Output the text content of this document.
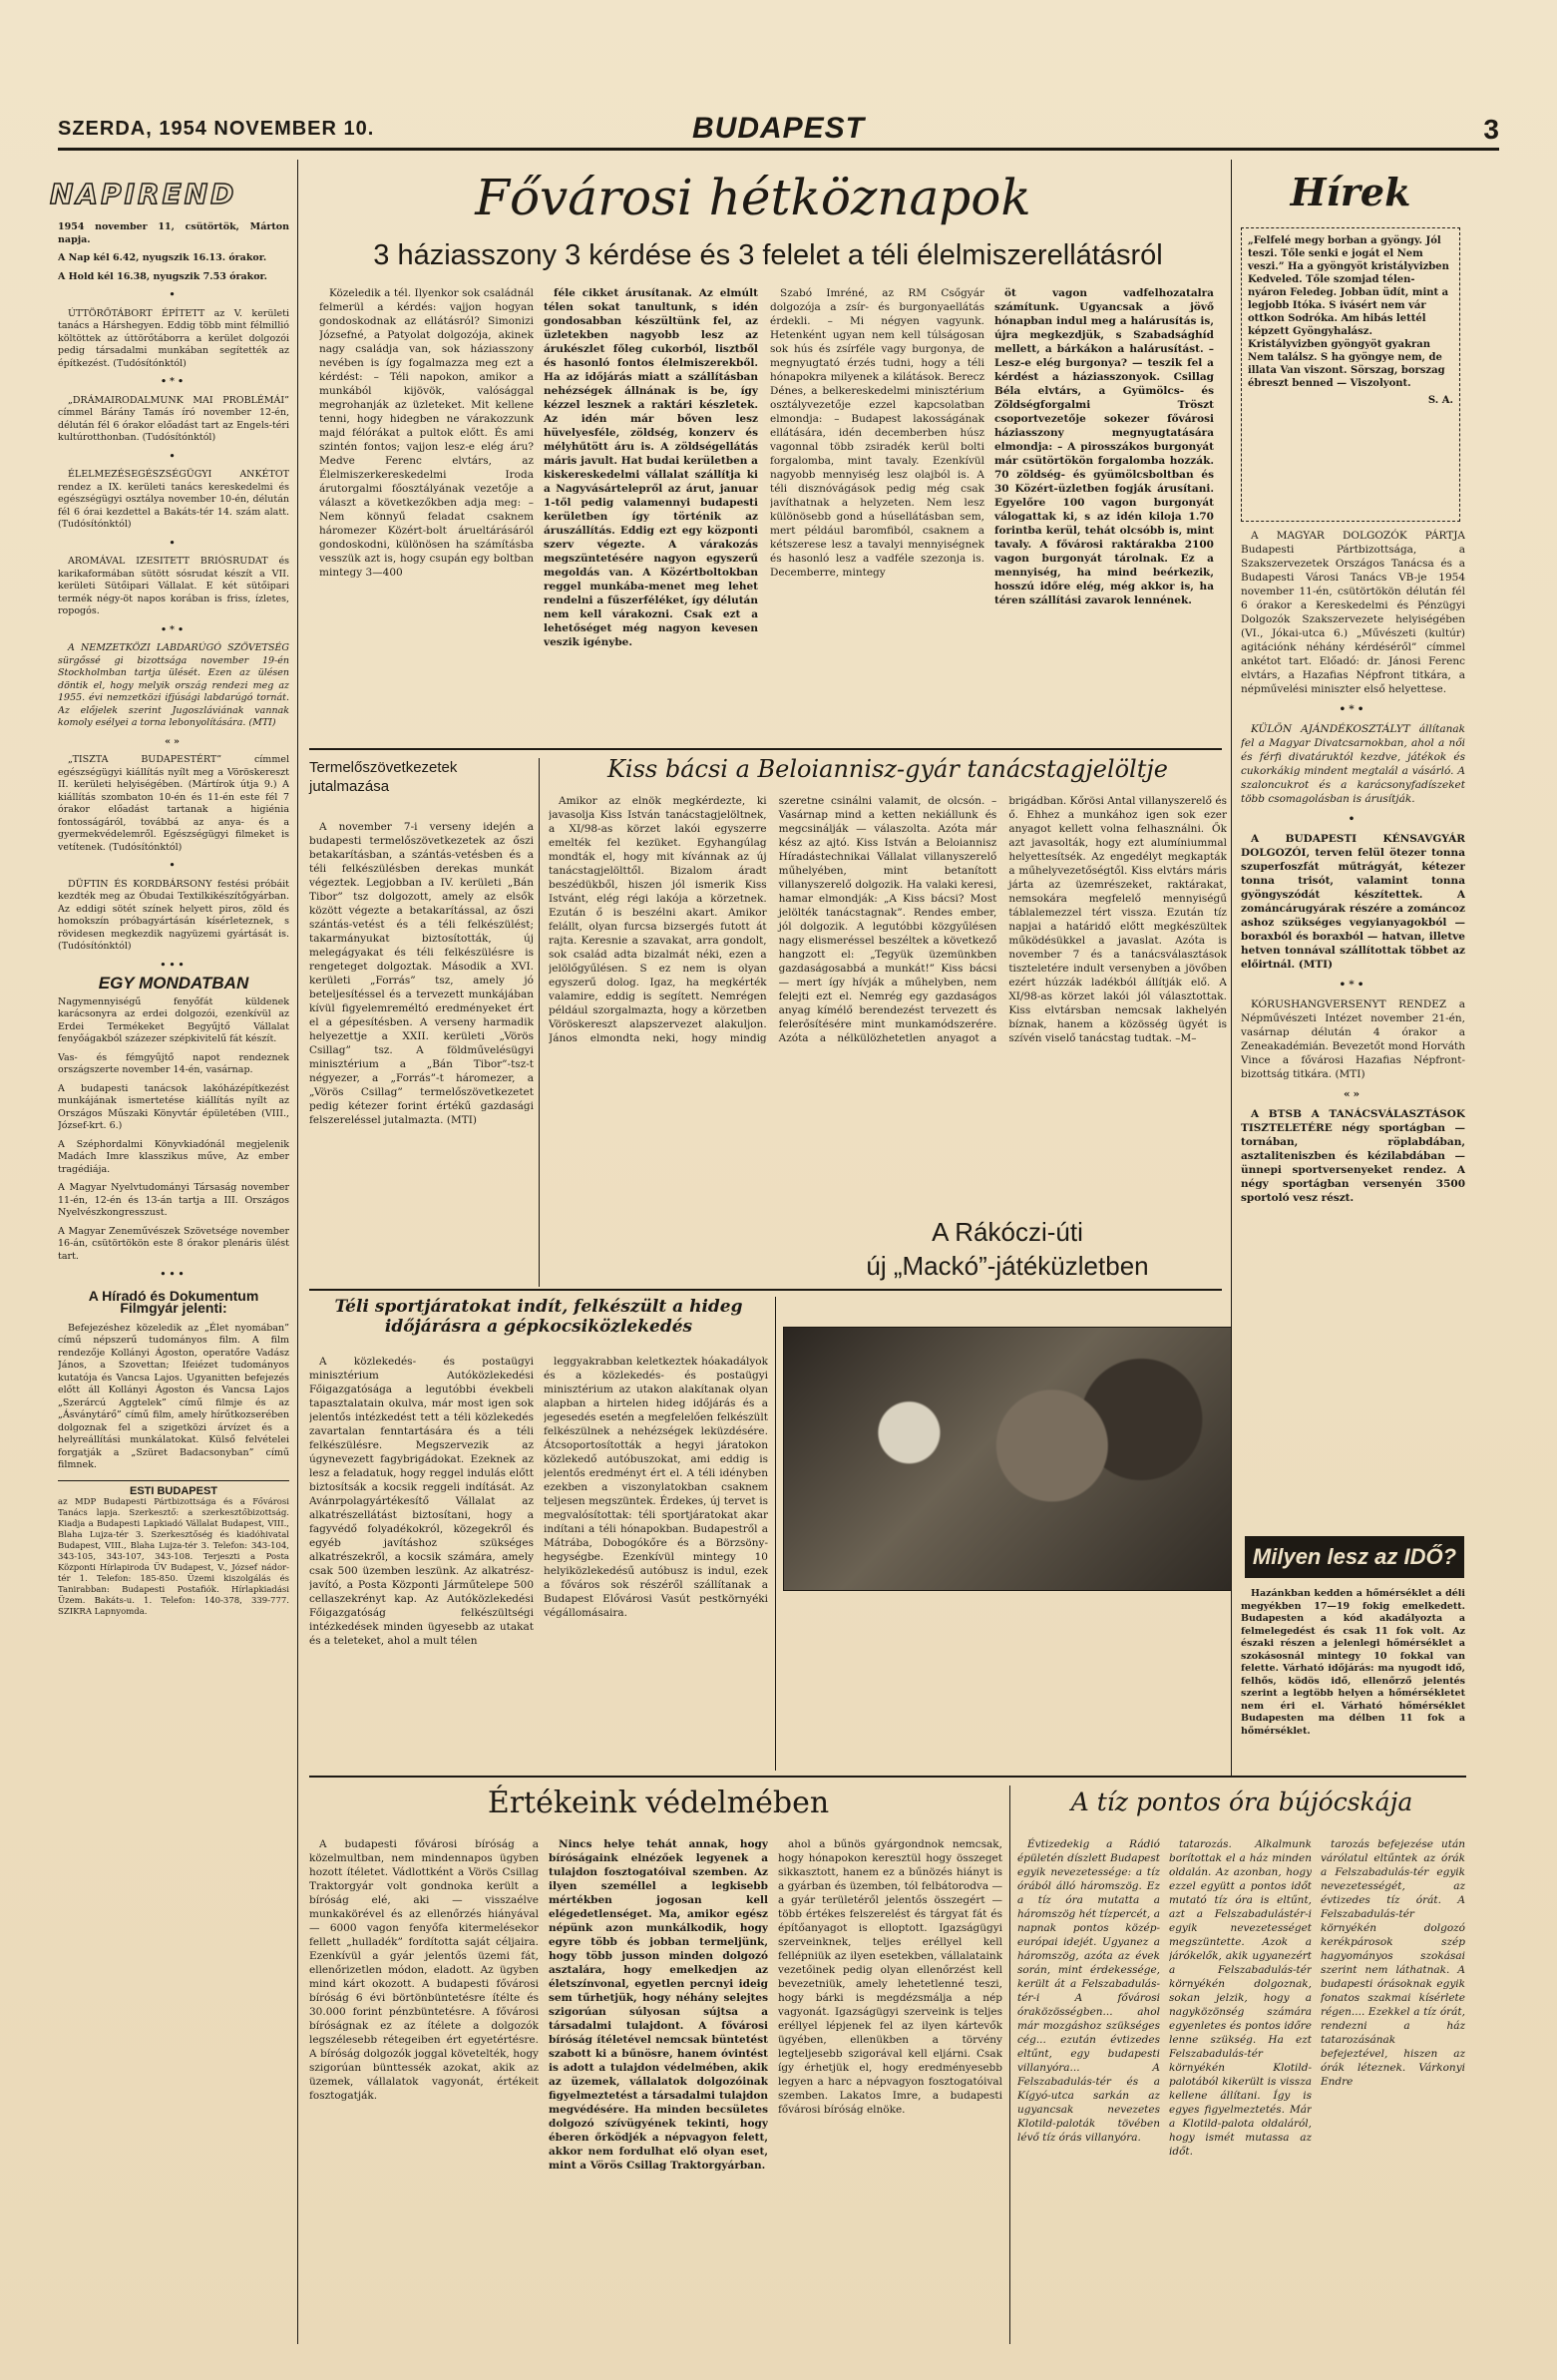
SZERDA, 1954 NOVEMBER 10.	BUDAPEST	3
NAPIREND

1954 november 11, csütörtök, Márton napja.

A Nap kél 6.42, nyugszik 16.13. órakor.

A Hold kél 16.38, nyugszik 7.53 órakor.

•

ÚTTÖRŐTÁBORT ÉPÍTETT az V. kerületi tanács a Hárshegyen. Eddig több mint félmillió költöttek az úttörőtáborra a kerület dolgozói pedig társadalmi munkában segítették az építkezést. (Tudósítónktól)

•*•

„DRÁMAIRODALMUNK MAI PROBLÉMÁI” címmel Bárány Tamás író november 12-én, délután fél 6 órakor előadást tart az Engels-téri kultúrotthonban. (Tudósítónktól)

•

ÉLELMEZÉSEGÉSZSÉGÜGYI ANKÉTOT rendez a IX. kerületi tanács kereskedelmi és egészségügyi osztálya november 10-én, délután fél 6 órai kezdettel a Bakáts-tér 14. szám alatt. (Tudósítónktól)

•

AROMÁVAL IZESITETT BRIÓSRUDAT és karikaformában sütött sósrudat készít a VII. kerületi Sütőipari Vállalat. E két sütőipari termék négy-öt napos korában is friss, ízletes, ropogós.

•*•

A NEMZETKÖZI LABDARÚGÓ SZÖVETSÉG sürgőssé gi bizottsága november 19-én Stockholmban tartja ülését. Ezen az ülésen döntik el, hogy melyik ország rendezi meg az 1955. évi nemzetközi ifjúsági labdarúgó tornát. Az előjelek szerint Jugoszláviának vannak komoly esélyei a torna lebonyolítására. (MTI)

«»

„TISZTA BUDAPESTÉRT” címmel egészségügyi kiállítás nyílt meg a Vöröskereszt II. kerületi helyiségében. (Mártírok útja 9.) A kiállítás szombaton 10-én és 11-én este fél 7 órakor előadást tartanak a higiénia fontosságáról, továbbá az anya- és a gyermekvédelemről. Egészségügyi filmeket is vetítenek. (Tudósítónktól)

•

DÜFTIN ÉS KORDBÁRSONY festési próbáit kezdték meg az Óbudai Textilkikészítőgyárban. Az eddigi sötét színek helyett piros, zöld és homokszín próbagyártásán kísérleteznek, s rövidesen megkezdik nagyüzemi gyártását is. (Tudósítónktól)

•••
EGY MONDATBAN

Nagymennyiségű fenyőfát küldenek karácsonyra az erdei dolgozói, ezenkívül az Erdei Termékeket Begyűjtő Vállalat fenyőágakból százezer szépkivitelű fát készít.

Vas- és fémgyűjtő napot rendeznek országszerte november 14-én, vasárnap.

A budapesti tanácsok lakóházépítkezést munkájának ismertetése kiállítás nyílt az Országos Műszaki Könyvtár épületében (VIII., József-krt. 6.)

A Széphordalmi Könyvkiadónál megjelenik Madách Imre klasszikus műve, Az ember tragédiája.

A Magyar Nyelvtudományi Társaság november 11-én, 12-én és 13-án tartja a III. Országos Nyelvészkongresszust.

A Magyar Zeneművészek Szövetsége november 16-án, csütörtökön este 8 órakor plenáris ülést tart.

•••
A Híradó és Dokumentum Filmgyár jelenti:

Befejezéshez közeledik az „Élet nyomában” című népszerű tudományos film. A film rendezője Kollányi Ágoston, operatőre Vadász János, a Szovettan; Ifeiézet tudományos kutatója és Vancsa Lajos. Ugyanitten befejezés előtt áll Kollányi Ágoston és Vancsa Lajos „Szerárcú Aggtelek” című filmje és az „Ásványtárő” című film, amely hírűtkozserében dolgoznak fel a szigetközi árvízet és a helyreállítási munkálatokat. Külső felvételei forgatják a „Szüret Badacsonyban” című filmnek.

ESTI BUDAPEST

az MDP Budapesti Pártbizottsága és a Fővárosi Tanács lapja. Szerkesztő: a szerkesztőbizottság. Kiadja a Budapesti Lapkiadó Vállalat Budapest, VIII., Blaha Lujza-tér 3. Szerkesztőség és kiadóhivatal Budapest, VIII., Blaha Lujza-tér 3. Telefon: 343-104, 343-105, 343-107, 343-108. Terjeszti a Posta Központi Hírlapiroda ÜV Budapest, V., József nádor-tér 1. Telefon: 185-850. Üzemi kiszolgálás és Tanirabban: Budapesti Postafiók. Hírlapkiadási Üzem. Bakáts-u. 1. Telefon: 140-378, 339-777. SZIKRA Lapnyomda.

Fővárosi hétköznapok
3 háziasszony 3 kérdése és 3 felelet a téli élelmiszerellátásról

Közeledik a tél. Ilyenkor sok családnál felmerül a kérdés: vajjon hogyan gondoskodnak az ellátásról? Simonizi Józsefné, a Patyolat dolgozója, akinek nagy családja van, sok háziasszony nevében is így fogalmazza meg ezt a kérdést: – Téli napokon, amikor a munkából kijövök, valósággal megrohanják az üzleteket. Mit kellene tenni, hogy hidegben ne várakozzunk majd félórákat a pultok előtt. És ami szintén fontos; vajjon lesz-e elég áru? Medve Ferenc elvtárs, az Élelmiszerkereskedelmi Iroda árutorgalmi főosztályának vezetője a választ a következőkben adja meg: – Nem könnyű feladat csaknem háromezer Közért-bolt árueltárásáról gondoskodni, különösen ha számításba vesszük azt is, hogy csupán egy boltban mintegy 3—400

féle cikket árusítanak. Az elmúlt télen sokat tanultunk, s idén gondosabban készültünk fel, az üzletekben nagyobb lesz az árukészlet főleg cukorból, lisztből és hasonló fontos élelmiszerekből. Ha az időjárás miatt a szállításban nehézségek állnának is be, így kézzel lesznek a raktári készletek. Az idén már bőven lesz hüvelyesféle, zöldség, konzerv és mélyhűtött áru is. A zöldségellátás máris javult. Hat budai kerületben a kiskereskedelmi vállalat szállítja ki a Nagyvásártelepről az árut, januar 1-től pedig valamennyi budapesti kerületben így történik az áruszállítás. Eddig ezt egy központi szerv végezte. A várakozás megszüntetésére nagyon egyszerű megoldás van. A Közértboltokban reggel munkába-menet meg lehet rendelni a fűszerféléket, így délután nem kell várakozni. Csak ezt a lehetőséget még nagyon kevesen veszik igénybe.

Szabó Imréné, az RM Csőgyár dolgozója a zsír- és burgonyaellátás érdekli. – Mi négyen vagyunk. Hetenként ugyan nem kell túlságosan sok hús és zsírféle vagy burgonya, de megnyugtató érzés tudni, hogy a téli hónapokra milyenek a kilátások. Berecz Dénes, a belkereskedelmi minisztérium osztályvezetője ezzel kapcsolatban elmondja: – Budapest lakosságának ellátására, idén decemberben húsz vagonnal több zsiradék kerül bolti forgalomba, mint tavaly. Ezenkívül nagyobb mennyiség lesz olajból is. A téli disznóvágások pedig még csak javíthatnak a helyzeten. Nem lesz különösebb gond a húsellátásban sem, mert például baromfiból, csaknem a kétszerese lesz a tavalyi mennyiségnek és hasonló lesz a vadféle szezonja is. Decemberre, mintegy

öt vagon vadfelhozatalra számítunk. Ugyancsak a jövő hónapban indul meg a halárusítás is, újra megkezdjük, s Szabadsághíd mellett, a bárkákon a halárusítást. – Lesz-e elég burgonya? — teszik fel a kérdést a háziasszonyok. Csillag Béla elvtárs, a Gyümölcs- és Zöldségforgalmi Tröszt csoportvezetője sokezer fővárosi háziasszony megnyugtatására elmondja: – A pirosszákos burgonyát már csütörtökön forgalomba hozzák. 70 zöldség- és gyümölcsboltban és 30 Közért-üzletben fogják árusítani. Egyelőre 100 vagon burgonyát válogattak ki, s az idén kiloja 1.70 forintba kerül, tehát olcsóbb is, mint tavaly. A fővárosi raktárakba 2100 vagon burgonyát tárolnak. Ez a mennyiség, ha mind beérkezik, hosszú időre elég, még akkor is, ha téren szállítási zavarok lennének.

Hírek
„Felfelé megy borban a gyöngy. Jól teszi. Tőle senki e jogát el Nem veszi.” Ha a gyöngyöt kristályvizben Kedveled. Tőle szomjad télen-nyáron Feledeg. Jobban üdít, mint a legjobb Itóka. S ivásért nem vár ottkon Sodróka. Am hibás lettél képzett Gyöngyhalász. Kristályvizben gyöngyöt gyakran Nem találsz. S ha gyöngye nem, de illata Van viszont. Sörszag, borszag ébreszt benned — Viszolyont.
S. A.

A MAGYAR DOLGOZÓK PÁRTJA Budapesti Pártbizottsága, a Szakszervezetek Országos Tanácsa és a Budapesti Városi Tanács VB-je 1954 november 11-én, csütörtökön délután fél 6 órakor a Kereskedelmi és Pénzügyi Dolgozók Szakszervezete helyiségében (VI., Jókai-utca 6.) „Művészeti (kultúr) agitációnk néhány kérdéséről” címmel ankétot tart. Előadó: dr. Jánosi Ferenc elvtárs, a Hazafias Népfront titkára, a népművelési miniszter első helyettese.

•*•

KÜLÖN AJÁNDÉKOSZTÁLYT állítanak fel a Magyar Divatcsarnokban, ahol a női és férfi divatáruktól kezdve, játékok és cukorkákig mindent megtalál a vásárló. A szaloncukrot és a karácsonyfadíszeket több csomagolásban is árusítják.

•

A BUDAPESTI KÉNSAVGYÁR DOLGOZÓI, terven felül ötezer tonna szuperfoszfát műtrágyát, kétezer tonna trisót, valamint tonna gyöngyszódát készítettek. A zománcárugyárak részére a zománcoz ashoz szükséges vegyianyagokból — boraxból és boraxból — hatvan, illetve hetven tonnával szállítottak többet az előirtnál. (MTI)

•*•

KÓRUSHANGVERSENYT RENDEZ a Népművészeti Intézet november 21-én, vasárnap délután 4 órakor a Zeneakadémián. Bevezetőt mond Horváth Vince a fővárosi Hazafias Népfront-bizottság titkára. (MTI)

«»

A BTSB A TANÁCSVÁLASZTÁSOK TISZTELETÉRE négy sportágban — tornában, röplabdában, asztaliteniszben és kézilabdában — ünnepi sportversenyeket rendez. A négy sportágban versenyén 3500 sportoló vesz részt.

Milyen lesz az IDŐ?

Hazánkban kedden a hőmérséklet a déli megyékben 17—19 fokig emelkedett. Budapesten a kód akadályozta a felmelegedést és csak 11 fok volt. Az északi részen a jelenlegi hőmérséklet a szokásosnál mintegy 10 fokkal van felette. Várható időjárás: ma nyugodt idő, felhős, ködös idő, ellenőrző jelentés szerint a legtöbb helyen a hőmérsékletet nem éri el. Várható hőmérséklet Budapesten ma délben 11 fok a hőmérséklet.

Termelőszövetkezetek jutalmazása

A november 7-i verseny idején a budapesti termelőszövetkezetek az őszi betakarításban, a szántás-vetésben és a téli felkészülésben derekas munkát végeztek. Legjobban a IV. kerületi „Bán Tibor” tsz dolgozott, amely az elsők között végezte a betakarítással, az őszi szántás-vetést és a téli felkészülést; takarmányukat biztosították, új melegágyakat és téli felkészülésre is rengeteget dolgoztak. Második a XVI. kerületi „Forrás” tsz, amely jó beteljesítéssel és a tervezett munkájában kívül figyelemreméltó eredményeket ért el a gépesítésben. A verseny harmadik helyezettje a XXII. kerületi „Vörös Csillag” tsz. A földművelésügyi minisztérium a „Bán Tibor”-tsz-t négyezer, a „Forrás”-t háromezer, a „Vörös Csillag” termelőszövetkezetet pedig kétezer forint értékű gazdasági felszereléssel jutalmazta. (MTI)

Kiss bácsi a Beloiannisz-gyár tanácstagjelöltje

Amikor az elnök megkérdezte, ki javasolja Kiss István tanácstagjelöltnek, a XI/98-as körzet lakói egyszerre emelték fel kezüket. Egyhangúlag mondták el, hogy mit kívánnak az új tanácstagjelölttől. Bizalom áradt beszédükből, hiszen jól ismerik Kiss Istvánt, elég régi lakója a körzetnek. Ezután ő is beszélni akart. Amikor felállt, olyan furcsa bizsergés futott át rajta. Keresnie a szavakat, arra gondolt, sok család adta bizalmát néki, ezen a jelölőgyűlésen. S ez nem is olyan egyszerű dolog. Igaz, ha megkérték valamire, eddig is segített. Nemrégen például szorgalmazta, hogy a körzetben Vöröskereszt alapszervezet alakuljon. János elmondta neki, hogy mindig szeretne csinálni valamit, de olcsón. – Vasárnap mind a ketten nekiállunk és megcsinálják — válaszolta. Azóta már kész az ajtó. Kiss István a Beloiannisz Híradástechnikai Vállalat villanyszerelő műhelyében, mint betanított villanyszerelő dolgozik. Ha valaki keresi, hamar elmondják: „A Kiss bácsi? Most jelölték tanácstagnak”. Rendes ember, jól dolgozik. A legutóbbi közgyűlésen nagy elismeréssel beszéltek a következő hangzott el: „Tegyük üzemünkben gazdaságosabbá a munkát!” Kiss bácsi — mert így hívják a műhelyben, nem felejti ezt el. Nemrég egy gazdaságos anyag kímélő berendezést tervezett és felerősítésére mint munkamódszerére. Azóta a nélkülözhetetlen anyagot a brigádban. Kőrösi Antal villanyszerelő és ő. Ehhez a munkához igen sok ezer anyagot kellett volna felhasználni. Ők azt javasolták, hogy ezt alumíniummal helyettesítsék. Az engedélyt megkapták a műhelyvezetőségtől. Kiss elvtárs máris járta az üzemrészeket, raktárakat, nemsokára megfelelő mennyiségű táblalemezzel tért vissza. Ezután tíz napjai a határidő előtt megkészültek működésükkel a javaslat. Azóta is november 7 és a tanácsválasztások tiszteletére indult versenyben a jövőben ezért húzzák ladékból állítják elő. A XI/98-as körzet lakói jól választottak. Kiss elvtársban nemcsak lakhelyén bíznak, hanem a közösség ügyét is szívén viselő tanácstag tudtak. –M–

Téli sportjáratokat indít, felkészült a hideg időjárásra a gépkocsiközlekedés

A közlekedés- és postaügyi minisztérium Autóközlekedési Főigazgatósága a legutóbbi évekbeli tapasztalatain okulva, már most igen sok jelentős intézkedést tett a téli közlekedés zavartalan fenntartására és a téli felkészülésre. Megszervezik az úgynevezett fagybrigádokat. Ezeknek az lesz a feladatuk, hogy reggel indulás előtt biztosítsák a kocsik reggeli indítását. Az Avánrpolagyártékesítő Vállalat az alkatrészellátást biztosítani, hogy a fagyvédő folyadékokról, közegekről és egyéb javításhoz szükséges alkatrészekről, a kocsik számára, amely csak 500 üzemben leszünk. Az alkatrész-javító, a Posta Központi Járműtelepe 500 cellaszekrényt kap. Az Autóközlekedési Főigazgatóság felkészültségi intézkedések minden ügyesebb az utakat és a teleteket, ahol a mult télen

leggyakrabban keletkeztek hóakadályok és a közlekedés- és postaügyi minisztérium az utakon alakítanak olyan alapban a hirtelen hideg időjárás és a jegesedés esetén a megfelelően felkészült felkészülnek a nehézségek leküzdésére. Átcsoportosították a hegyi járatokon közlekedő autóbuszokat, ami eddig is jelentős eredményt ért el. A téli idényben ezekben a viszonylatokban csaknem teljesen megszüntek. Érdekes, új tervet is megvalósítottak: téli sportjáratokat akar indítani a téli hónapokban. Budapestről a Mátrába, Dobogókőre és a Börzsöny-hegységbe. Ezenkívül mintegy 10 helyiközlekedésű autóbusz is indul, ezek a főváros sok részéről szállítanak a Budapest Elővárosi Vasút pestkörnyéki végállomásaira.

A Rákóczi-úti
új „Mackó”-játéküzletben
Értékeink védelmében

A budapesti fővárosi bíróság a közelmultban, nem mindennapos ügyben hozott ítéletet. Vádlottként a Vörös Csillag Traktorgyár volt gondnoka került a bíróság elé, aki — visszaélve munkakörével és az ellenőrzés hiányával — 6000 vagon fenyőfa kitermelésekor fellett „hulladék” fordította saját céljaira. Ezenkívül a gyár jelentős üzemi fát, ellenőrizetlen módon, eladott. Az ügyben mind kárt okozott. A budapesti fővárosi bíróság 6 évi börtönbüntetésre ítélte és 30.000 forint pénzbüntetésre. A fővárosi bíróságnak ez az ítélete a dolgozók legszélesebb rétegeiben ért egyetértésre. A bíróság dolgozók joggal követelték, hogy szigorúan bünttessék azokat, akik az üzemek, vállalatok vagyonát, értékeit fosztogatják.

Nincs helye tehát annak, hogy bíróságaink elnézőek legyenek a tulajdon fosztogatóival szemben. Az ilyen személlel a legkisebb mértékben jogosan kell elégedetlenséget. Ma, amikor egész népünk azon munkálkodik, hogy egyre több és jobban termeljünk, hogy több jusson minden dolgozó asztalára, hogy emelkedjen az életszínvonal, egyetlen percnyi ideig sem tűrhetjük, hogy néhány selejtes szigorúan súlyosan sújtsa a társadalmi tulajdont. A fővárosi bíróság ítéletével nemcsak büntetést szabott ki a bűnösre, hanem óvintést is adott a tulajdon védelmében, akik az üzemek, vállalatok dolgozóinak figyelmeztetést a társadalmi tulajdon megvédésére. Ha minden becsületes dolgozó szívügyének tekinti, hogy éberen őrködjék a népvagyon felett, akkor nem fordulhat elő olyan eset, mint a Vörös Csillag Traktorgyárban.

ahol a bűnös gyárgondnok nemcsak, hogy hónapokon keresztül hogy összeget sikkasztott, hanem ez a bűnözés hiányt is a gyárban és üzemben, tól felbátorodva — a gyár területéről jelentős összegért — több értékes felszerelést és tárgyat fát és építőanyagot is elloptott. Igazságügyi szerveinknek, teljes eréllyel kell fellépniük az ilyen esetekben, vállalataink vezetőinek pedig olyan ellenőrzést kell bevezetniük, amely lehetetlenné teszi, hogy bárki is megdézsmálja a nép vagyonát. Igazságügyi szerveink is teljes eréllyel lépjenek fel az ilyen kártevők ügyében, ellenükben a törvény legteljesebb szigorával kell eljárni. Csak így érhetjük el, hogy eredményesebb legyen a harc a népvagyon fosztogatóival szemben. Lakatos Imre, a budapesti fővárosi bíróság elnöke.

A tíz pontos óra bújócskája

Évtizedekig a Rádió épületén díszlett Budapest egyik nevezetessége: a tíz órából álló háromszög. Ez a tíz óra mutatta a háromszög hét tízpercét, a napnak pontos közép-európai idejét. Ugyanez a háromszög, azóta az évek során, mint érdekessége, került át a Felszabadulás-tér-i A fővárosi óraközösségben... ahol már mozgáshoz szükséges cég... ezután évtizedes eltűnt, egy budapesti villanyóra... A Felszabadulás-tér és a Kígyó-utca sarkán az ugyancsak nevezetes Klotild-paloták tövében lévő tíz órás villanyóra.

tatarozás. Alkalmunk borítottak el a ház minden oldalán. Az azonban, hogy ezzel együtt a pontos időt mutató tíz óra is eltűnt, azt a Felszabadulástér-i egyik nevezetességet megszüntette. Azok a járókelők, akik ugyanezért a Felszabadulás-tér környékén dolgoznak, sokan jelzik, hogy a nagyközönség számára egyenletes és pontos időre lenne szükség. Ha ezt Felszabadulás-tér környékén Klotild-palotából kikerült is vissza kellene állítani. Így is egyes figyelmeztetés. Már a Klotild-palota oldaláról, hogy ismét mutassa az időt.

tarozás befejezése után várólatul eltűntek az órák a Felszabadulás-tér egyik nevezetességét, az évtizedes tíz órát. A Felszabadulás-tér környékén dolgozó kerékpárosok szép hagyományos szokásai szerint nem láthatnak. A budapesti órásoknak egyik fonatos szakmai kísérlete régen.... Ezekkel a tíz órát, rendezni a ház tatarozásának befejeztével, hiszen az órák léteznek. Várkonyi Endre
